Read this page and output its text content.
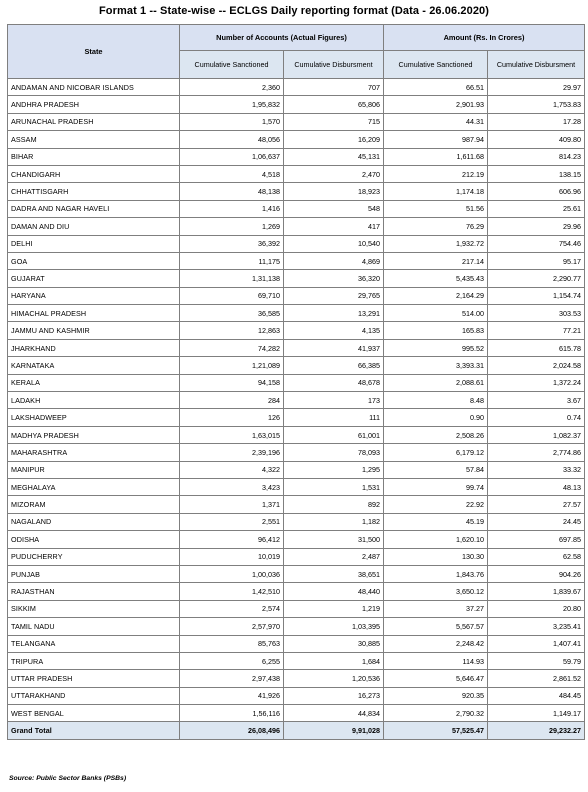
Format 1 -- State-wise -- ECLGS Daily reporting format (Data - 26.06.2020)
State	Number of Accounts (Actual Figures)		Amount (Rs. In Crores)	
	Cumulative Sanctioned	Cumulative Disbursment	Cumulative Sanctioned	Cumulative Disbursment
ANDAMAN AND NICOBAR ISLANDS	2,360	707	66.51	29.97
ANDHRA PRADESH	1,95,832	65,806	2,901.93	1,753.83
ARUNACHAL PRADESH	1,570	715	44.31	17.28
ASSAM	48,056	16,209	987.94	409.80
BIHAR	1,06,637	45,131	1,611.68	814.23
CHANDIGARH	4,518	2,470	212.19	138.15
CHHATTISGARH	48,138	18,923	1,174.18	606.96
DADRA AND NAGAR HAVELI	1,416	548	51.56	25.61
DAMAN AND DIU	1,269	417	76.29	29.96
DELHI	36,392	10,540	1,932.72	754.46
GOA	11,175	4,869	217.14	95.17
GUJARAT	1,31,138	36,320	5,435.43	2,290.77
HARYANA	69,710	29,765	2,164.29	1,154.74
HIMACHAL PRADESH	36,585	13,291	514.00	303.53
JAMMU AND KASHMIR	12,863	4,135	165.83	77.21
JHARKHAND	74,282	41,937	995.52	615.78
KARNATAKA	1,21,089	66,385	3,393.31	2,024.58
KERALA	94,158	48,678	2,088.61	1,372.24
LADAKH	284	173	8.48	3.67
LAKSHADWEEP	126	111	0.90	0.74
MADHYA PRADESH	1,63,015	61,001	2,508.26	1,082.37
MAHARASHTRA	2,39,196	78,093	6,179.12	2,774.86
MANIPUR	4,322	1,295	57.84	33.32
MEGHALAYA	3,423	1,531	99.74	48.13
MIZORAM	1,371	892	22.92	27.57
NAGALAND	2,551	1,182	45.19	24.45
ODISHA	96,412	31,500	1,620.10	697.85
PUDUCHERRY	10,019	2,487	130.30	62.58
PUNJAB	1,00,036	38,651	1,843.76	904.26
RAJASTHAN	1,42,510	48,440	3,650.12	1,839.67
SIKKIM	2,574	1,219	37.27	20.80
TAMIL NADU	2,57,970	1,03,395	5,567.57	3,235.41
TELANGANA	85,763	30,885	2,248.42	1,407.41
TRIPURA	6,255	1,684	114.93	59.79
UTTAR PRADESH	2,97,438	1,20,536	5,646.47	2,861.52
UTTARAKHAND	41,926	16,273	920.35	484.45
WEST BENGAL	1,56,116	44,834	2,790.32	1,149.17
Grand Total	26,08,496	9,91,028	57,525.47	29,232.27
Source: Public Sector Banks (PSBs)
